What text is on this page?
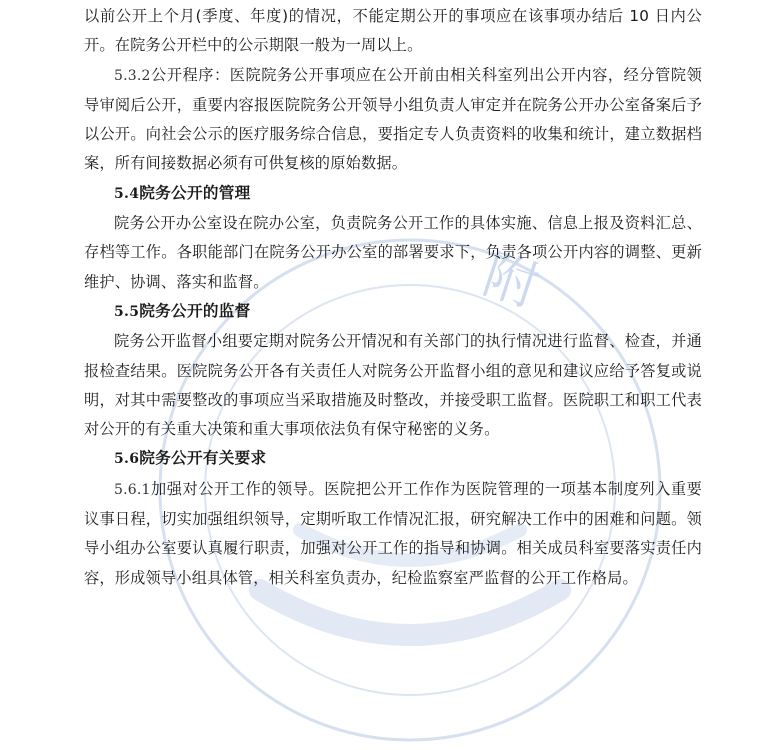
附

以前公开上个月(季度、年度)的情况，不能定期公开的事项应在该事项办结后 10 日内公开。在院务公开栏中的公示期限一般为一周以上。

5.3.2公开程序：医院院务公开事项应在公开前由相关科室列出公开内容，经分管院领导审阅后公开，重要内容报医院院务公开领导小组负责人审定并在院务公开办公室备案后予以公开。向社会公示的医疗服务综合信息，要指定专人负责资料的收集和统计，建立数据档案，所有间接数据必须有可供复核的原始数据。

5.4院务公开的管理

院务公开办公室设在院办公室，负责院务公开工作的具体实施、信息上报及资料汇总、存档等工作。各职能部门在院务公开办公室的部署要求下，负责各项公开内容的调整、更新维护、协调、落实和监督。

5.5院务公开的监督

院务公开监督小组要定期对院务公开情况和有关部门的执行情况进行监督、检查，并通报检查结果。医院院务公开各有关责任人对院务公开监督小组的意见和建议应给予答复或说明，对其中需要整改的事项应当采取措施及时整改，并接受职工监督。医院职工和职工代表对公开的有关重大决策和重大事项依法负有保守秘密的义务。

5.6院务公开有关要求

5.6.1加强对公开工作的领导。医院把公开工作作为医院管理的一项基本制度列入重要议事日程，切实加强组织领导，定期听取工作情况汇报，研究解决工作中的困难和问题。领导小组办公室要认真履行职责，加强对公开工作的指导和协调。相关成员科室要落实责任内容，形成领导小组具体管，相关科室负责办，纪检监察室严监督的公开工作格局。
